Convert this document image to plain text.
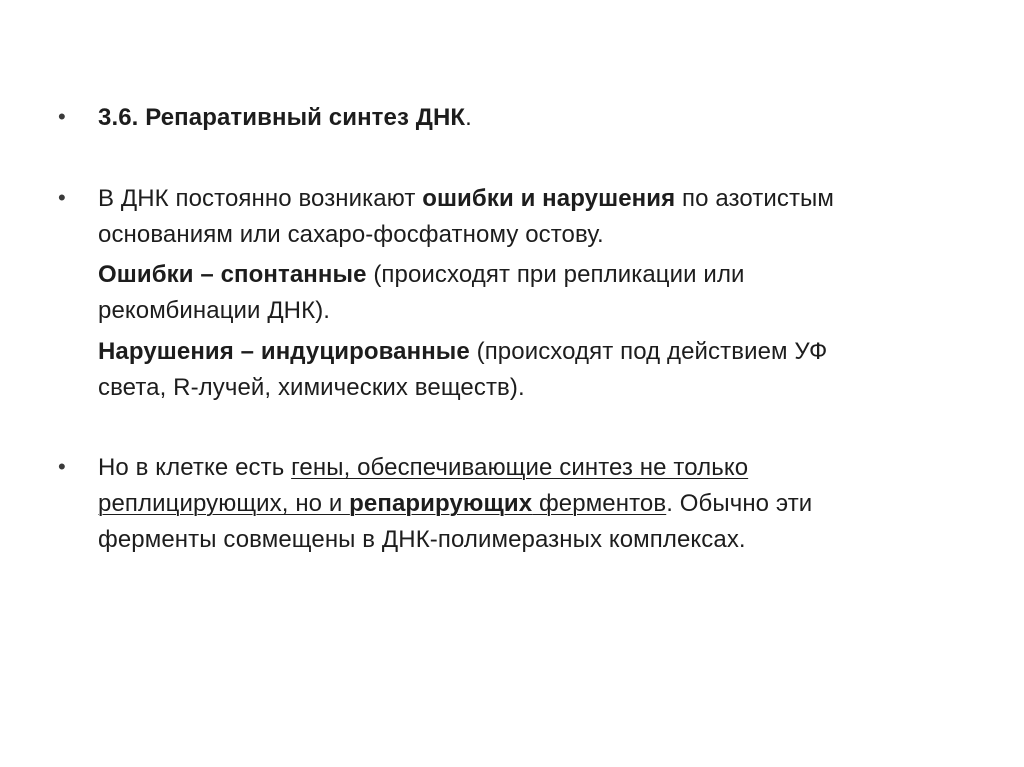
• 3.6. Репаративный синтез ДНК.
• В ДНК постоянно возникают ошибки и нарушения по азотистым
основаниям или сахаро-фосфатному остову.
Ошибки – спонтанные (происходят при репликации или
рекомбинации ДНК).
Нарушения – индуцированные (происходят под действием УФ
света, R-лучей, химических веществ).
• Но в клетке есть гены, обеспечивающие синтез не только
реплицирующих, но и репарирующих ферментов. Обычно эти
ферменты совмещены в ДНК-полимеразных комплексах.
